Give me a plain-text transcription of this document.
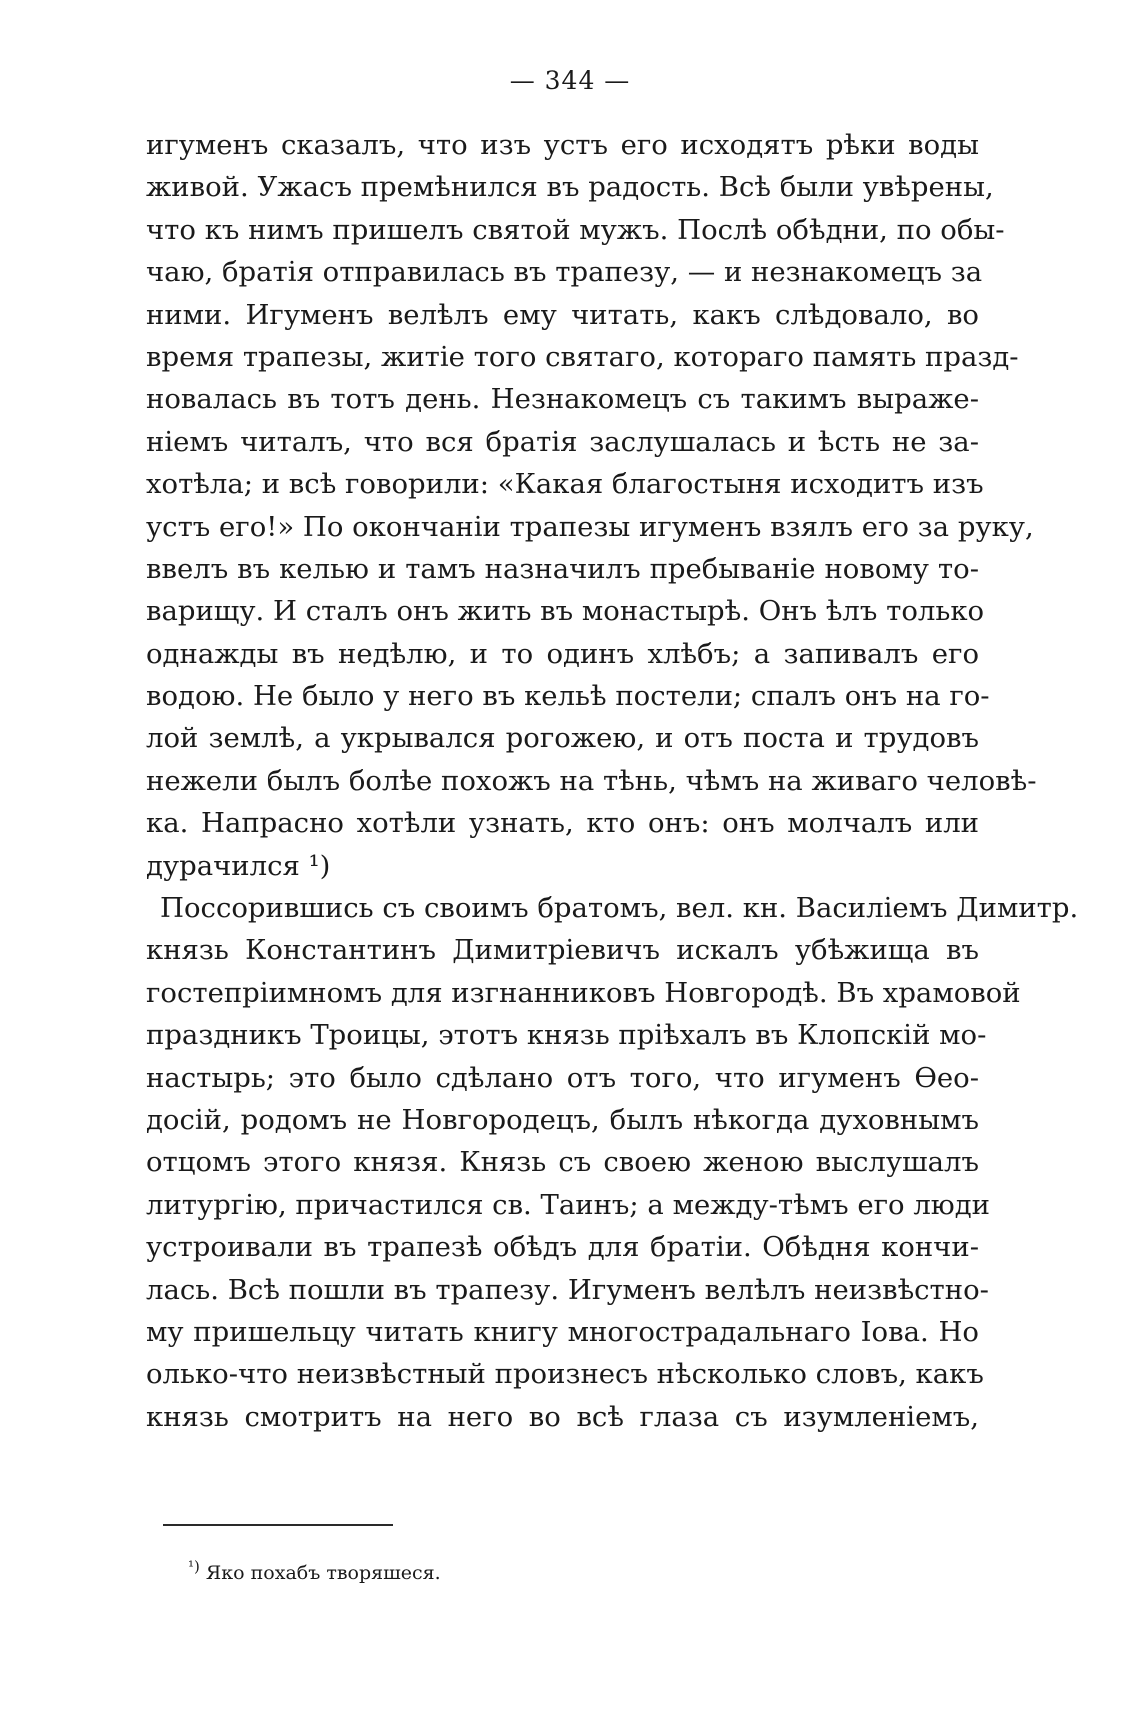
— 344 —
игуменъ сказалъ, что изъ устъ его исходятъ рѣки воды
живой. Ужасъ премѣнился въ радость. Всѣ были увѣрены,
что къ нимъ пришелъ святой мужъ. Послѣ обѣдни, по обы-
чаю, братія отправилась въ трапезу, — и незнакомецъ за
ними. Игуменъ велѣлъ ему читать, какъ слѣдовало, во
время трапезы, житіе того святаго, котораго память празд-
новалась въ тотъ день. Незнакомецъ съ такимъ выраже-
ніемъ читалъ, что вся братія заслушалась и ѣсть не за-
хотѣла; и всѣ говорили: «Какая благостыня исходитъ изъ
устъ его!» По окончаніи трапезы игуменъ взялъ его за руку,
ввелъ въ келью и тамъ назначилъ пребываніе новому то-
варищу. И сталъ онъ жить въ монастырѣ. Онъ ѣлъ только
однажды въ недѣлю, и то одинъ хлѣбъ; а запивалъ его
водою. Не было у него въ кельѣ постели; спалъ онъ на го-
лой землѣ, а укрывался рогожею, и отъ поста и трудовъ
нежели былъ болѣе похожъ на тѣнь, чѣмъ на живаго человѣ-
ка. Напрасно хотѣли узнать, кто онъ: онъ молчалъ или
дурачился ¹)
Поссорившись съ своимъ братомъ, вел. кн. Василіемъ Димитр.
князь Константинъ Димитріевичъ искалъ убѣжища въ
гостепріимномъ для изгнанниковъ Новгородѣ. Въ храмовой
праздникъ Троицы, этотъ князь пріѣхалъ въ Клопскій мо-
настырь; это было сдѣлано отъ того, что игуменъ Ѳео-
досій, родомъ не Новгородецъ, былъ нѣкогда духовнымъ
отцомъ этого князя. Князь съ своею женою выслушалъ
литургію, причастился св. Таинъ; а между-тѣмъ его люди
устроивали въ трапезѣ обѣдъ для братіи. Обѣдня кончи-
лась. Всѣ пошли въ трапезу. Игуменъ велѣлъ неизвѣстно-
му пришельцу читать книгу многострадальнаго Іова. Но
олько-что неизвѣстный произнесъ нѣсколько словъ, какъ
князь смотритъ на него во всѣ глаза съ изумленіемъ,
$^{^1)}$ Яко похабъ творяшеся.
